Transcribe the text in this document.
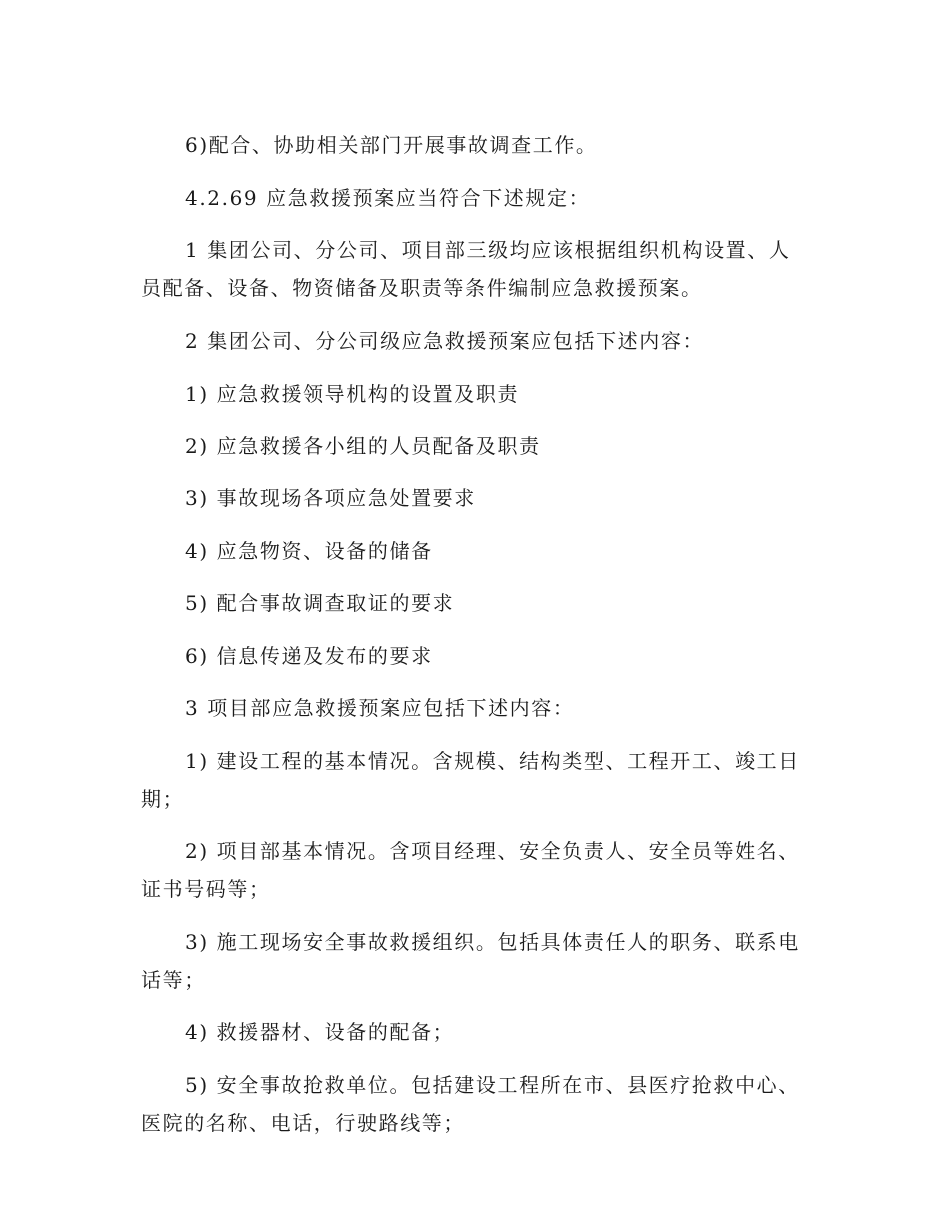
6)配合、协助相关部门开展事故调查工作。

4.2.69 应急救援预案应当符合下述规定：

1 集团公司、分公司、项目部三级均应该根据组织机构设置、人员配备、设备、物资储备及职责等条件编制应急救援预案。

2 集团公司、分公司级应急救援预案应包括下述内容：

1) 应急救援领导机构的设置及职责

2) 应急救援各小组的人员配备及职责

3) 事故现场各项应急处置要求

4) 应急物资、设备的储备

5) 配合事故调查取证的要求

6) 信息传递及发布的要求

3 项目部应急救援预案应包括下述内容：

1) 建设工程的基本情况。含规模、结构类型、工程开工、竣工日期；

2) 项目部基本情况。含项目经理、安全负责人、安全员等姓名、证书号码等；

3) 施工现场安全事故救援组织。包括具体责任人的职务、联系电话等；

4) 救援器材、设备的配备；

5) 安全事故抢救单位。包括建设工程所在市、县医疗抢救中心、医院的名称、电话，行驶路线等；
